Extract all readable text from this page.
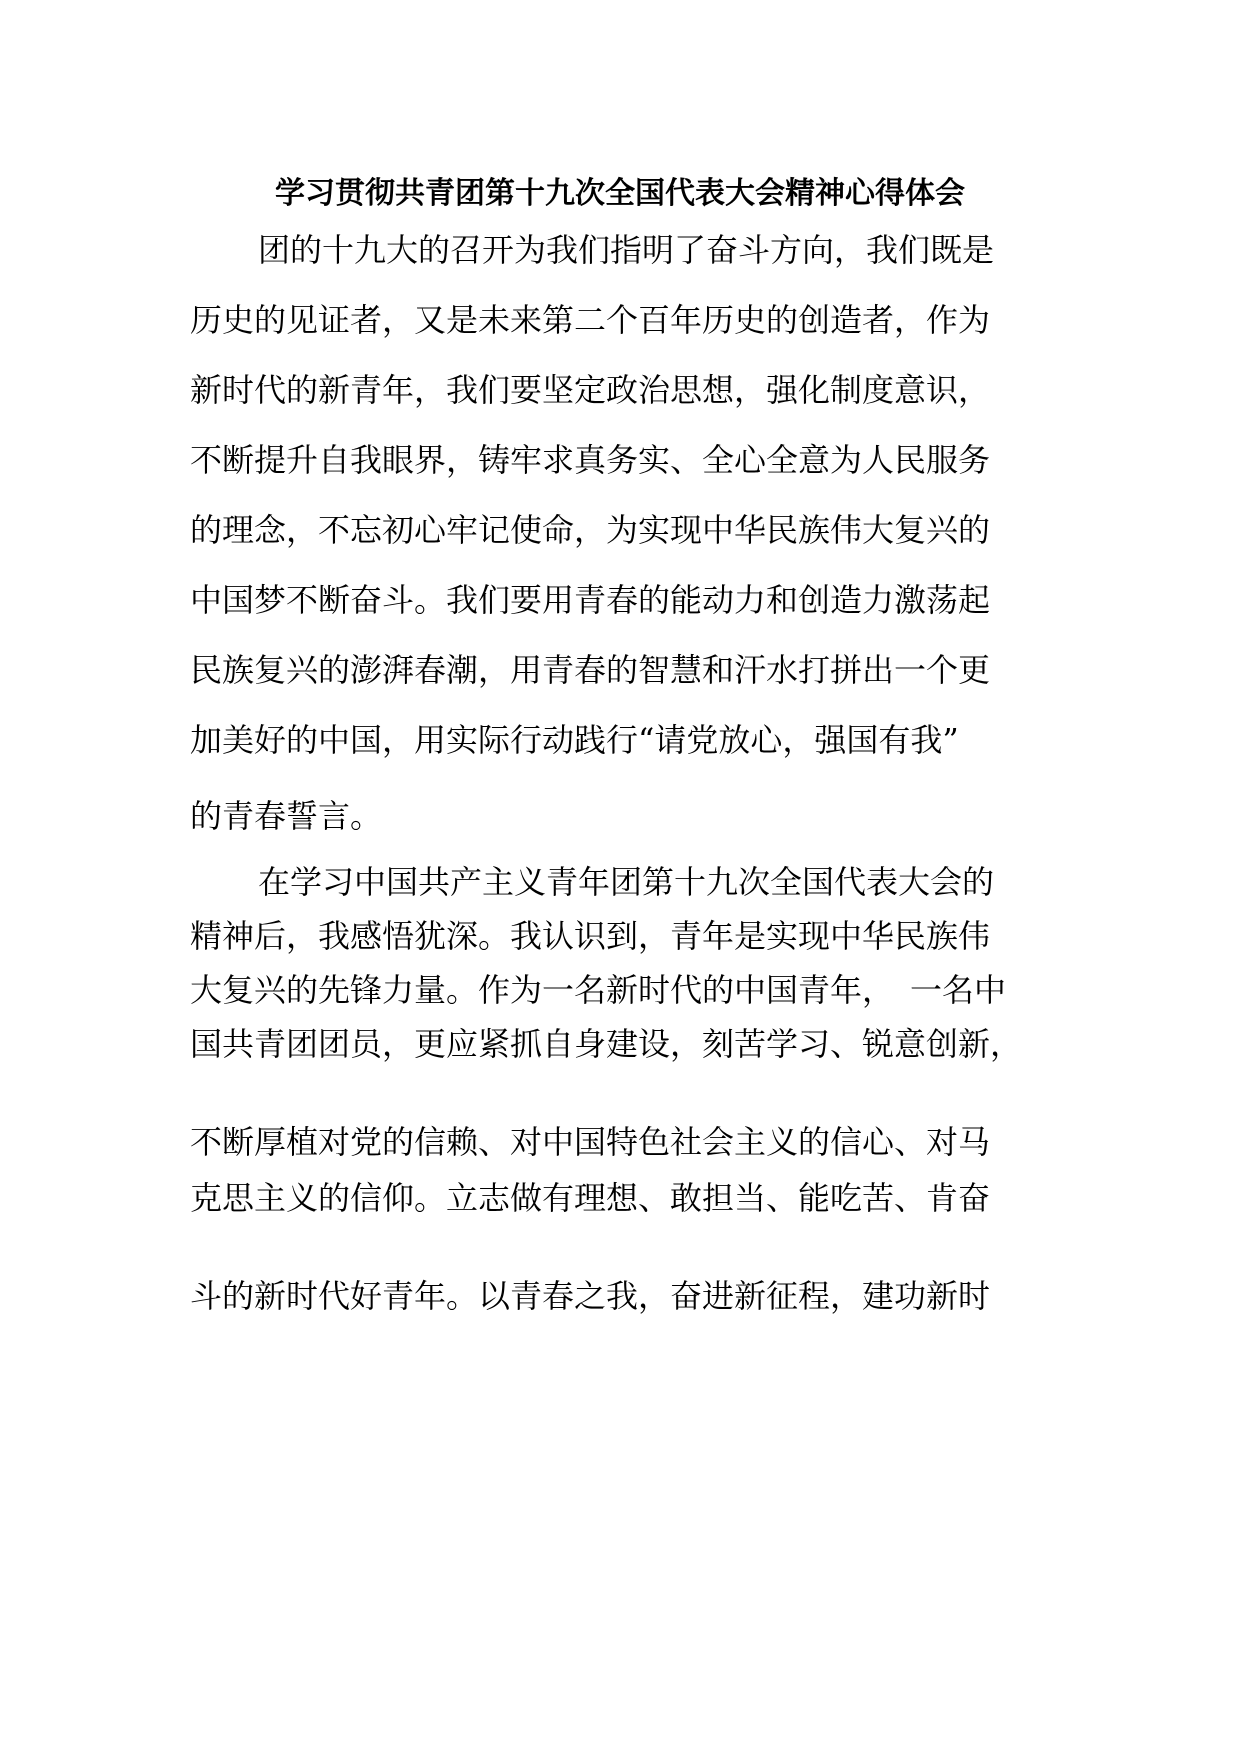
学习贯彻共青团第十九次全国代表大会精神心得体会

团的十九大的召开为我们指明了奋斗方向，我们既是

历史的见证者，又是未来第二个百年历史的创造者，作为

新时代的新青年，我们要坚定政治思想，强化制度意识，

不断提升自我眼界，铸牢求真务实、全心全意为人民服务

的理念，不忘初心牢记使命，为实现中华民族伟大复兴的

中国梦不断奋斗。我们要用青春的能动力和创造力激荡起

民族复兴的澎湃春潮，用青春的智慧和汗水打拼出一个更

加美好的中国，用实际行动践行“请党放心，强国有我”

的青春誓言。

在学习中国共产主义青年团第十九次全国代表大会的

精神后，我感悟犹深。我认识到，青年是实现中华民族伟

大复兴的先锋力量。作为一名新时代的中国青年，　一名中

国共青团团员，更应紧抓自身建设，刻苦学习、锐意创新，

不断厚植对党的信赖、对中国特色社会主义的信心、对马

克思主义的信仰。立志做有理想、敢担当、能吃苦、肯奋

斗的新时代好青年。以青春之我，奋进新征程，建功新时
